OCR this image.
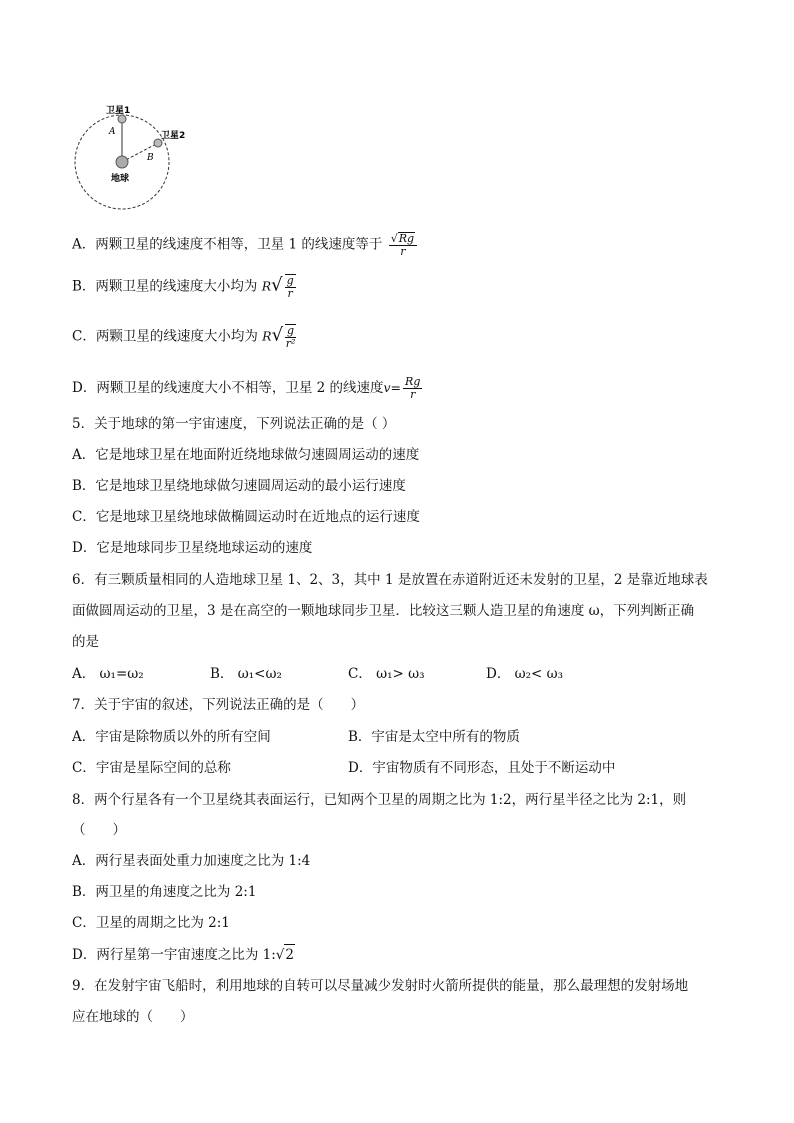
卫星1
卫星2
地球
A
B
A．两颗卫星的线速度不相等，卫星 1 的线速度等于 $\frac{√Rg}{r}$
B．两颗卫星的线速度大小均为 $R√ \frac{g}{r}$
C．两颗卫星的线速度大小均为 $R√ \frac{g}{\text{r²}}$
D．两颗卫星的线速度大小不相等，卫星 2 的线速度$v= \frac{Rg}{r}$
5．关于地球的第一宇宙速度，下列说法正确的是（ ）
A．它是地球卫星在地面附近绕地球做匀速圆周运动的速度
B．它是地球卫星绕地球做匀速圆周运动的最小运行速度
C．它是地球卫星绕地球做椭圆运动时在近地点的运行速度
D．它是地球同步卫星绕地球运动的速度
6．有三颗质量相同的人造地球卫星 1、2、3，其中 1 是放置在赤道附近还未发射的卫星，2 是靠近地球表
面做圆周运动的卫星，3 是在高空的一颗地球同步卫星．比较这三颗人造卫星的角速度 ω，下列判断正确
的是
A． ω₁=ω₂	B． ω₁<ω₂	C． ω₁> ω₃	D． ω₂< ω₃
7．关于宇宙的叙述，下列说法正确的是（　　）
A．宇宙是除物质以外的所有空间	B．宇宙是太空中所有的物质
C．宇宙是星际空间的总称	D．宇宙物质有不同形态，且处于不断运动中
8．两个行星各有一个卫星绕其表面运行，已知两个卫星的周期之比为 1:2，两行星半径之比为 2:1，则
（　　）
A．两行星表面处重力加速度之比为 1:4
B．两卫星的角速度之比为 2:1
C．卫星的周期之比为 2:1
D．两行星第一宇宙速度之比为 1:√2
9．在发射宇宙飞船时，利用地球的自转可以尽量减少发射时火箭所提供的能量，那么最理想的发射场地
应在地球的（　　）
